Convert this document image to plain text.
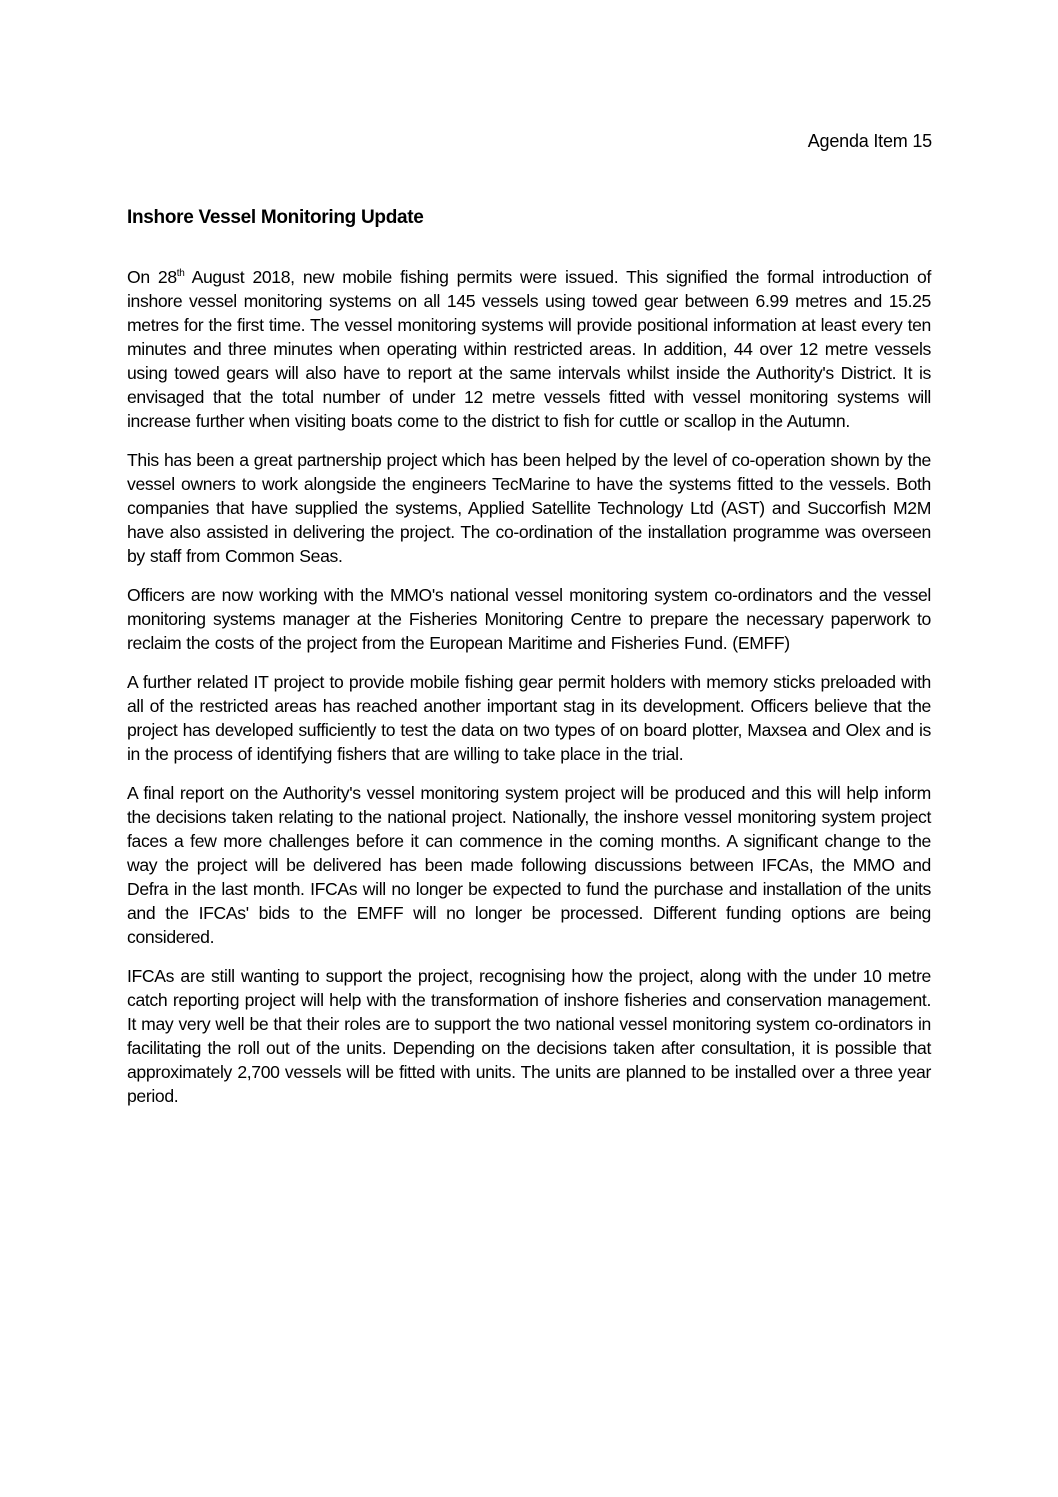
Agenda Item 15
Inshore Vessel Monitoring Update

On 28th August 2018, new mobile fishing permits were issued. This signified the formal introduction of inshore vessel monitoring systems on all 145 vessels using towed gear between 6.99 metres and 15.25 metres for the first time. The vessel monitoring systems will provide positional information at least every ten minutes and three minutes when operating within restricted areas. In addition, 44 over 12 metre vessels using towed gears will also have to report at the same intervals whilst inside the Authority's District. It is envisaged that the total number of under 12 metre vessels fitted with vessel monitoring systems will increase further when visiting boats come to the district to fish for cuttle or scallop in the Autumn.

This has been a great partnership project which has been helped by the level of co-operation shown by the vessel owners to work alongside the engineers TecMarine to have the systems fitted to the vessels. Both companies that have supplied the systems, Applied Satellite Technology Ltd (AST) and Succorfish M2M have also assisted in delivering the project. The co-ordination of the installation programme was overseen by staff from Common Seas.

Officers are now working with the MMO's national vessel monitoring system co-ordinators and the vessel monitoring systems manager at the Fisheries Monitoring Centre to prepare the necessary paperwork to reclaim the costs of the project from the European Maritime and Fisheries Fund. (EMFF)

A further related IT project to provide mobile fishing gear permit holders with memory sticks preloaded with all of the restricted areas has reached another important stag in its development. Officers believe that the project has developed sufficiently to test the data on two types of on board plotter, Maxsea and Olex and is in the process of identifying fishers that are willing to take place in the trial.

A final report on the Authority's vessel monitoring system project will be produced and this will help inform the decisions taken relating to the national project. Nationally, the inshore vessel monitoring system project faces a few more challenges before it can commence in the coming months. A significant change to the way the project will be delivered has been made following discussions between IFCAs, the MMO and Defra in the last month. IFCAs will no longer be expected to fund the purchase and installation of the units and the IFCAs' bids to the EMFF will no longer be processed. Different funding options are being considered.

IFCAs are still wanting to support the project, recognising how the project, along with the under 10 metre catch reporting project will help with the transformation of inshore fisheries and conservation management. It may very well be that their roles are to support the two national vessel monitoring system co-ordinators in facilitating the roll out of the units. Depending on the decisions taken after consultation, it is possible that approximately 2,700 vessels will be fitted with units. The units are planned to be installed over a three year period.
